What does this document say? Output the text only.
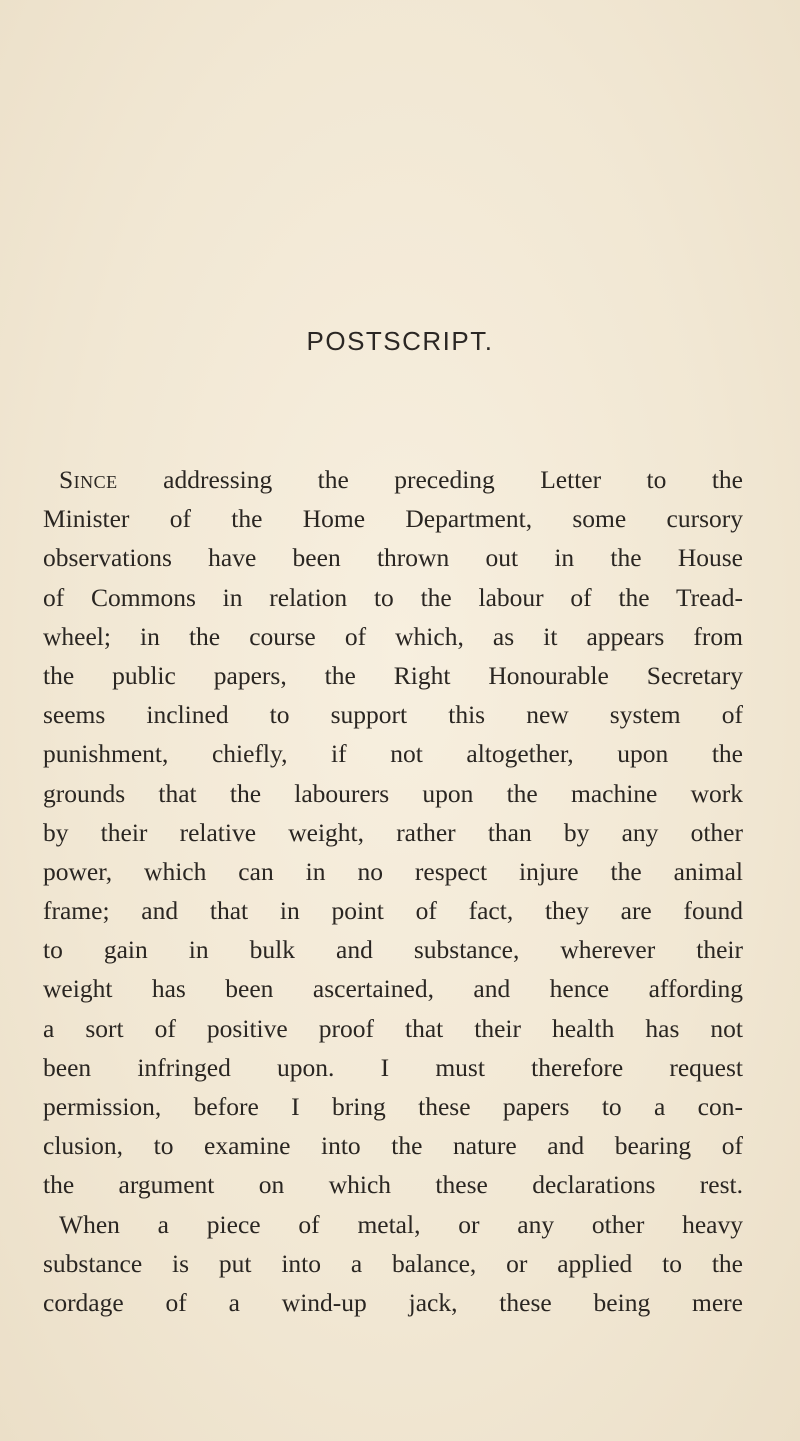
POSTSCRIPT.
Since addressing the preceding Letter to the
Minister of the Home Department, some cursory
observations have been thrown out in the House
of Commons in relation to the labour of the Tread-
wheel; in the course of which, as it appears from
the public papers, the Right Honourable Secretary
seems inclined to support this new system of
punishment, chiefly, if not altogether, upon the
grounds that the labourers upon the machine work
by their relative weight, rather than by any other
power, which can in no respect injure the animal
frame; and that in point of fact, they are found
to gain in bulk and substance, wherever their
weight has been ascertained, and hence affording
a sort of positive proof that their health has not
been infringed upon. I must therefore request
permission, before I bring these papers to a con-
clusion, to examine into the nature and bearing of
the argument on which these declarations rest.
When a piece of metal, or any other heavy
substance is put into a balance, or applied to the
cordage of a wind-up jack, these being mere
